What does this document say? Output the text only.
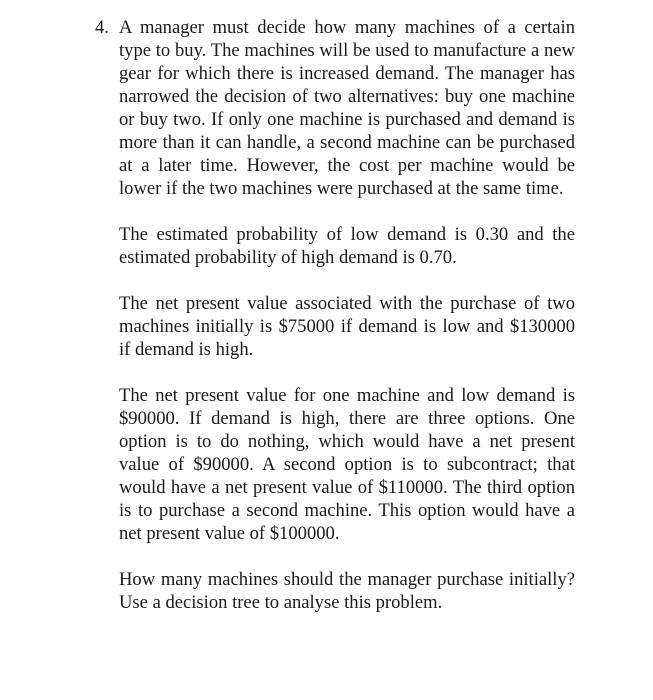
4. A manager must decide how many machines of a certain type to buy. The machines will be used to manufacture a new gear for which there is increased demand. The manager has narrowed the decision of two alternatives: buy one machine or buy two. If only one machine is purchased and demand is more than it can handle, a second machine can be purchased at a later time. However, the cost per machine would be lower if the two machines were purchased at the same time.

The estimated probability of low demand is 0.30 and the estimated probability of high demand is 0.70.

The net present value associated with the purchase of two machines initially is $75000 if demand is low and $130000 if demand is high.

The net present value for one machine and low demand is $90000. If demand is high, there are three options. One option is to do nothing, which would have a net present value of $90000. A second option is to subcontract; that would have a net present value of $110000. The third option is to purchase a second machine. This option would have a net present value of $100000.

How many machines should the manager purchase initially? Use a decision tree to analyse this problem.
